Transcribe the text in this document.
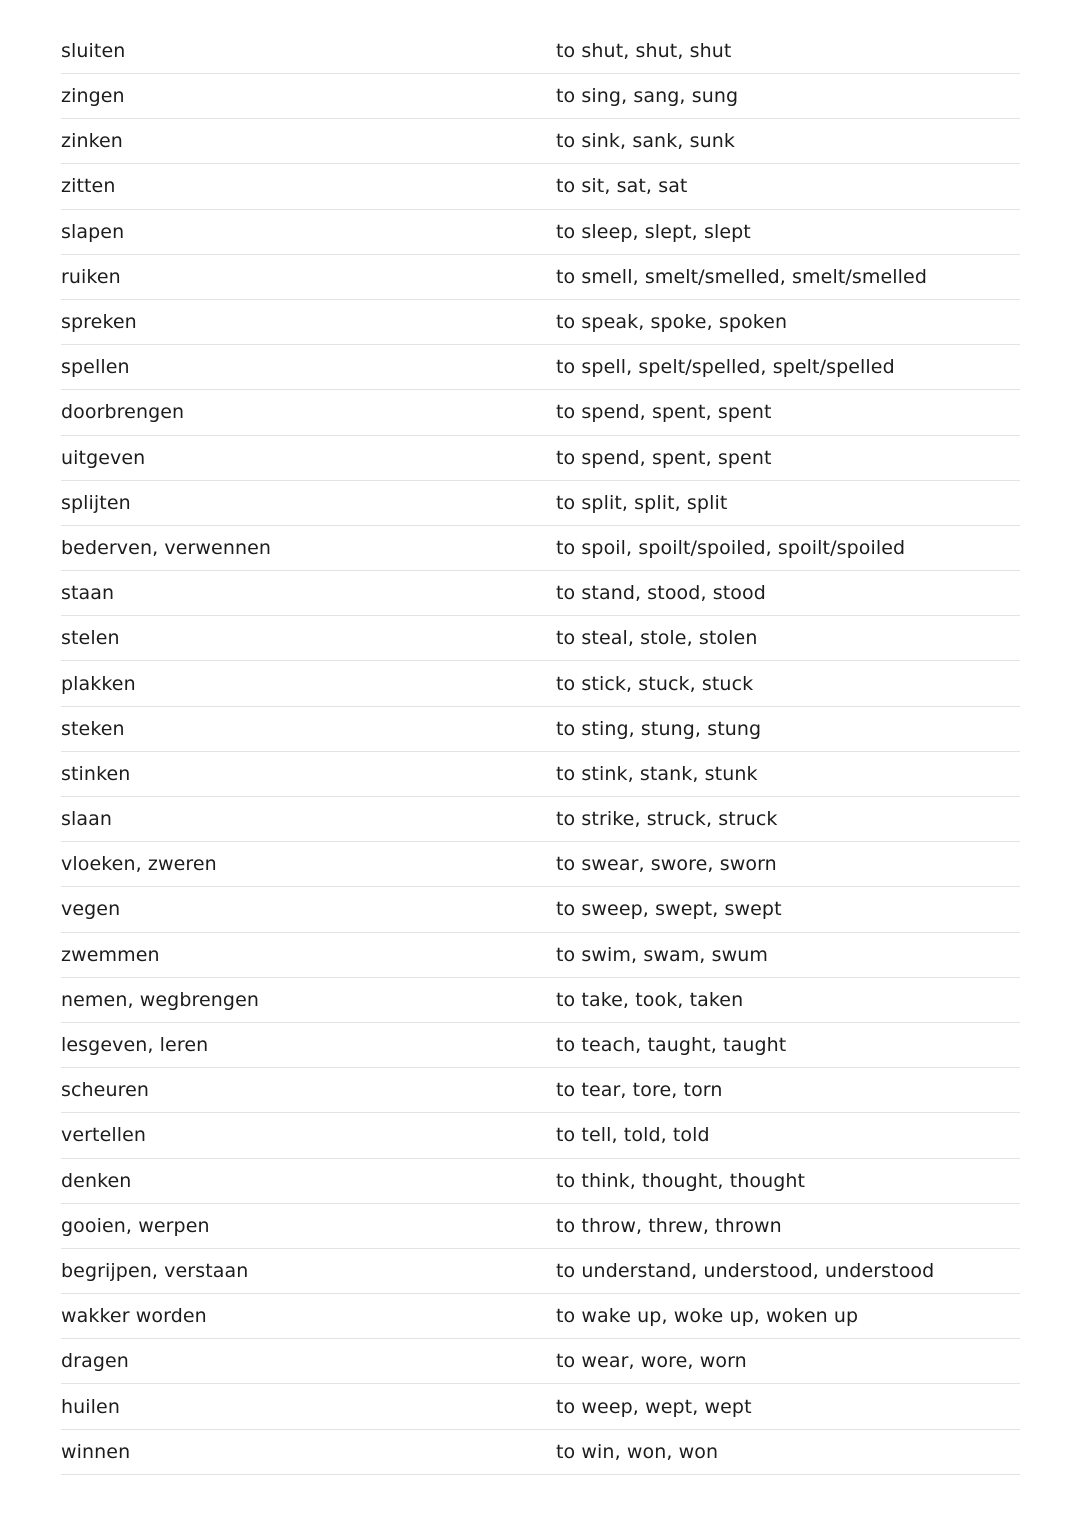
sluiten	to shut, shut, shut
zingen	to sing, sang, sung
zinken	to sink, sank, sunk
zitten	to sit, sat, sat
slapen	to sleep, slept, slept
ruiken	to smell, smelt/smelled, smelt/smelled
spreken	to speak, spoke, spoken
spellen	to spell, spelt/spelled, spelt/spelled
doorbrengen	to spend, spent, spent
uitgeven	to spend, spent, spent
splijten	to split, split, split
bederven, verwennen	to spoil, spoilt/spoiled, spoilt/spoiled
staan	to stand, stood, stood
stelen	to steal, stole, stolen
plakken	to stick, stuck, stuck
steken	to sting, stung, stung
stinken	to stink, stank, stunk
slaan	to strike, struck, struck
vloeken, zweren	to swear, swore, sworn
vegen	to sweep, swept, swept
zwemmen	to swim, swam, swum
nemen, wegbrengen	to take, took, taken
lesgeven, leren	to teach, taught, taught
scheuren	to tear, tore, torn
vertellen	to tell, told, told
denken	to think, thought, thought
gooien, werpen	to throw, threw, thrown
begrijpen, verstaan	to understand, understood, understood
wakker worden	to wake up, woke up, woken up
dragen	to wear, wore, worn
huilen	to weep, wept, wept
winnen	to win, won, won
